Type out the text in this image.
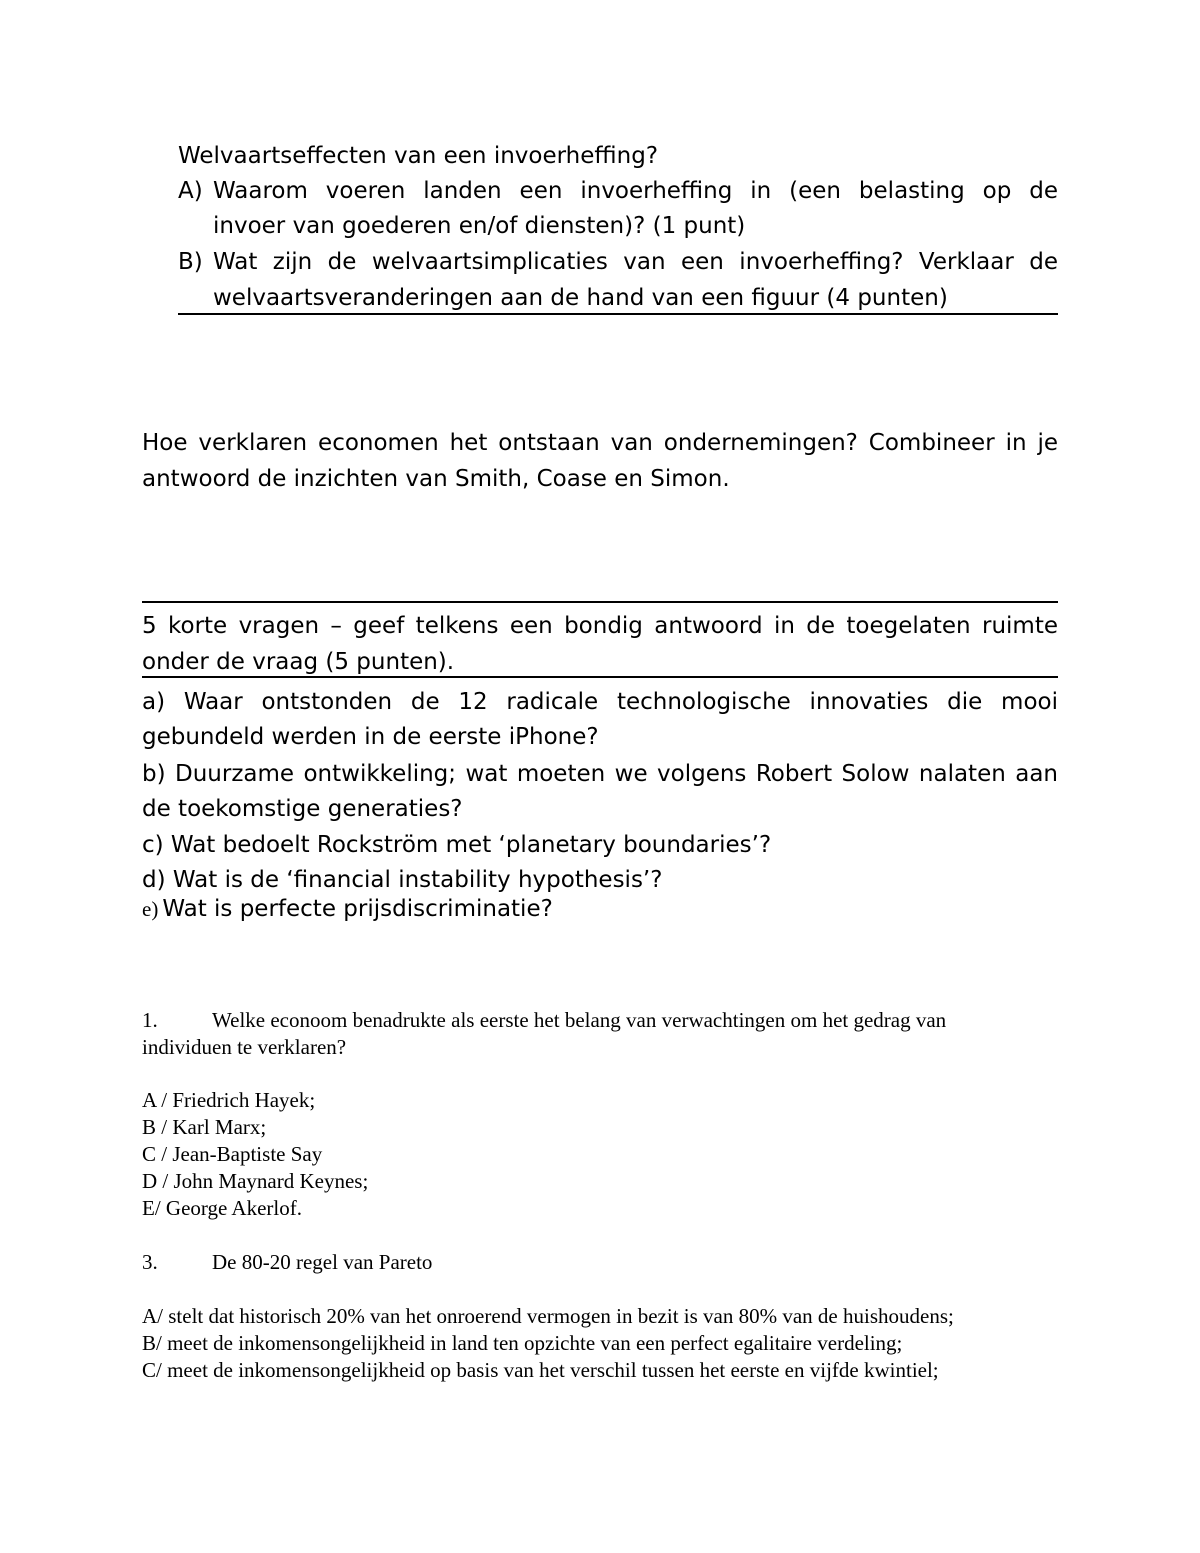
Welvaartseffecten van een invoerheffing?
A) Waarom voeren landen een invoerheffing in (een belasting op de
invoer van goederen en/of diensten)? (1 punt)
B) Wat zijn de welvaartsimplicaties van een invoerheffing? Verklaar de
welvaartsveranderingen aan de hand van een figuur (4 punten)
Hoe verklaren economen het ontstaan van ondernemingen? Combineer in je
antwoord de inzichten van Smith, Coase en Simon.
5 korte vragen – geef telkens een bondig antwoord in de toegelaten ruimte
onder de vraag (5 punten).
a) Waar ontstonden de 12 radicale technologische innovaties die mooi
gebundeld werden in de eerste iPhone?
b) Duurzame ontwikkeling; wat moeten we volgens Robert Solow nalaten aan
de toekomstige generaties?
c) Wat bedoelt Rockström met ‘planetary boundaries’?
d) Wat is de ‘financial instability hypothesis’?
e) Wat is perfecte prijsdiscriminatie?
1.	Welke econoom benadrukte als eerste het belang van verwachtingen om het gedrag van
individuen te verklaren?
A / Friedrich Hayek;
B / Karl Marx;
C / Jean-Baptiste Say
D / John Maynard Keynes;
E/ George Akerlof.
3.	De 80-20 regel van Pareto
A/ stelt dat historisch 20% van het onroerend vermogen in bezit is van 80% van de huishoudens;
B/ meet de inkomensongelijkheid in land ten opzichte van een perfect egalitaire verdeling;
C/ meet de inkomensongelijkheid op basis van het verschil tussen het eerste en vijfde kwintiel;
